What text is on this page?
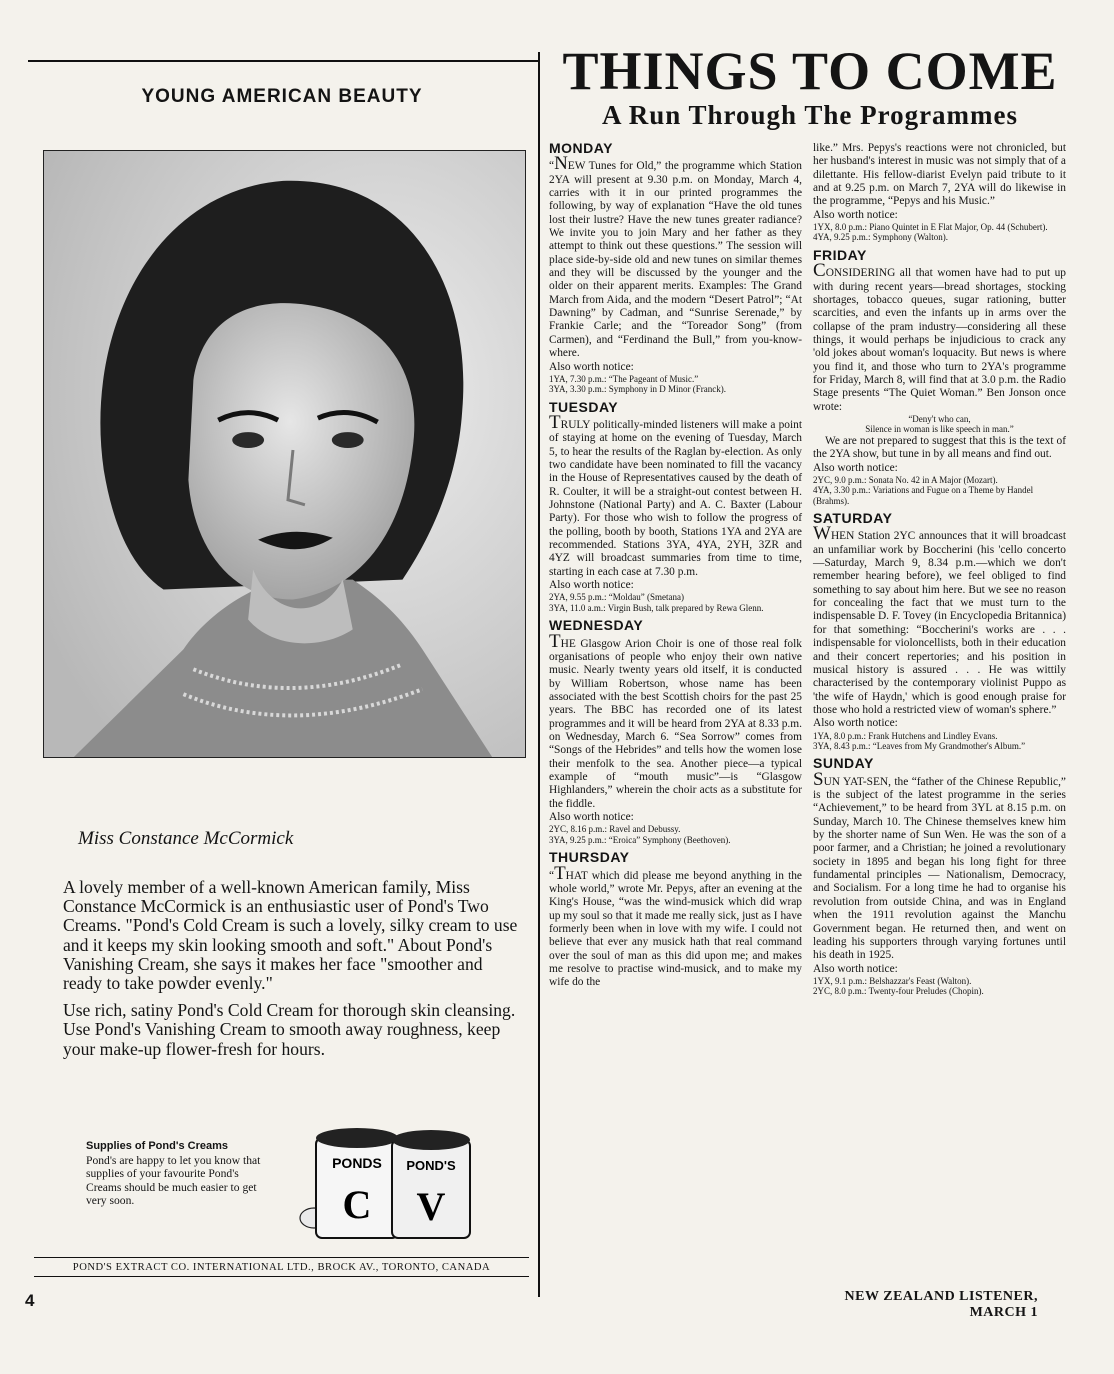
YOUNG AMERICAN BEAUTY
Miss Constance McCormick

A lovely member of a well-known American family, Miss Constance McCormick is an enthusiastic user of Pond's Two Creams. "Pond's Cold Cream is such a lovely, silky cream to use and it keeps my skin looking smooth and soft." About Pond's Vanishing Cream, she says it makes her face "smoother and ready to take powder evenly."

Use rich, satiny Pond's Cold Cream for thorough skin cleansing. Use Pond's Vanishing Cream to smooth away roughness, keep your make-up flower-fresh for hours.

Supplies of Pond's Creams
Pond's are happy to let you know that supplies of your favourite Pond's Creams should be much easier to get very soon.
PONDS
C
POND'S
V
POND'S EXTRACT CO. INTERNATIONAL LTD., BROCK AV., TORONTO, CANADA
4
THINGS TO COME
A Run Through The Programmes
MONDAY

“NEW Tunes for Old,” the programme which Station 2YA will present at 9.30 p.m. on Monday, March 4, carries with it in our printed programmes the following, by way of explanation “Have the old tunes lost their lustre? Have the new tunes greater radiance? We invite you to join Mary and her father as they attempt to think out these questions.” The session will place side-by-side old and new tunes on similar themes and they will be discussed by the younger and the older on their apparent merits. Examples: The Grand March from Aida, and the modern “Desert Patrol”; “At Dawning” by Cadman, and “Sunrise Serenade,” by Frankie Carle; and the “Toreador Song” (from Carmen), and “Ferdinand the Bull,” from you-know-where.

Also worth notice:

1YA, 7.30 p.m.: “The Pageant of Music.”

3YA, 3.30 p.m.: Symphony in D Minor (Franck).

TUESDAY

TRULY politically-minded listeners will make a point of staying at home on the evening of Tuesday, March 5, to hear the results of the Raglan by-election. As only two candidate have been nominated to fill the vacancy in the House of Representatives caused by the death of R. Coulter, it will be a straight-out contest between H. Johnstone (National Party) and A. C. Baxter (Labour Party). For those who wish to follow the progress of the polling, booth by booth, Stations 1YA and 2YA are recommended. Stations 3YA, 4YA, 2YH, 3ZR and 4YZ will broadcast summaries from time to time, starting in each case at 7.30 p.m.

Also worth notice:

2YA, 9.55 p.m.: “Moldau” (Smetana)

3YA, 11.0 a.m.: Virgin Bush, talk prepared by Rewa Glenn.

WEDNESDAY

THE Glasgow Arion Choir is one of those real folk organisations of people who enjoy their own native music. Nearly twenty years old itself, it is conducted by William Robertson, whose name has been associated with the best Scottish choirs for the past 25 years. The BBC has recorded one of its latest programmes and it will be heard from 2YA at 8.33 p.m. on Wednesday, March 6. “Sea Sorrow” comes from “Songs of the Hebrides” and tells how the women lose their menfolk to the sea. Another piece—a typical example of “mouth music”—is “Glasgow Highlanders,” wherein the choir acts as a substitute for the fiddle.

Also worth notice:

2YC, 8.16 p.m.: Ravel and Debussy.

3YA, 9.25 p.m.: “Eroica” Symphony (Beethoven).

THURSDAY

“THAT which did please me beyond anything in the whole world,” wrote Mr. Pepys, after an evening at the King's House, “was the wind-musick which did wrap up my soul so that it made me really sick, just as I have formerly been when in love with my wife. I could not believe that ever any musick hath that real command over the soul of man as this did upon me; and makes me resolve to practise wind-musick, and to make my wife do the

like.” Mrs. Pepys's reactions were not chronicled, but her husband's interest in music was not simply that of a dilettante. His fellow-diarist Evelyn paid tribute to it and at 9.25 p.m. on March 7, 2YA will do likewise in the programme, “Pepys and his Music.”

Also worth notice:

1YX, 8.0 p.m.: Piano Quintet in E Flat Major, Op. 44 (Schubert).

4YA, 9.25 p.m.: Symphony (Walton).

FRIDAY

CONSIDERING all that women have had to put up with during recent years—bread shortages, stocking shortages, tobacco queues, sugar rationing, butter scarcities, and even the infants up in arms over the collapse of the pram industry—considering all these things, it would perhaps be injudicious to crack any 'old jokes about woman's loquacity. But news is where you find it, and those who turn to 2YA's programme for Friday, March 8, will find that at 3.0 p.m. the Radio Stage presents “The Quiet Woman.” Ben Jonson once wrote:

“Deny't who can,

Silence in woman is like speech in man.”

We are not prepared to suggest that this is the text of the 2YA show, but tune in by all means and find out.

Also worth notice:

2YC, 9.0 p.m.: Sonata No. 42 in A Major (Mozart).

4YA, 3.30 p.m.: Variations and Fugue on a Theme by Handel (Brahms).

SATURDAY

WHEN Station 2YC announces that it will broadcast an unfamiliar work by Boccherini (his 'cello concerto—Saturday, March 9, 8.34 p.m.—which we don't remember hearing before), we feel obliged to find something to say about him here. But we see no reason for concealing the fact that we must turn to the indispensable D. F. Tovey (in Encyclopedia Britannica) for that something: “Boccherini's works are . . . indispensable for violoncellists, both in their education and their concert repertories; and his position in musical history is assured . . . He was wittily characterised by the contemporary violinist Puppo as 'the wife of Haydn,' which is good enough praise for those who hold a restricted view of woman's sphere.”

Also worth notice:

1YA, 8.0 p.m.: Frank Hutchens and Lindley Evans.

3YA, 8.43 p.m.: “Leaves from My Grandmother's Album.”

SUNDAY

SUN YAT-SEN, the “father of the Chinese Republic,” is the subject of the latest programme in the series “Achievement,” to be heard from 3YL at 8.15 p.m. on Sunday, March 10. The Chinese themselves knew him by the shorter name of Sun Wen. He was the son of a poor farmer, and a Christian; he joined a revolutionary society in 1895 and began his long fight for three fundamental principles — Nationalism, Democracy, and Socialism. For a long time he had to organise his revolution from outside China, and was in England when the 1911 revolution against the Manchu Government began. He returned then, and went on leading his supporters through varying fortunes until his death in 1925.

Also worth notice:

1YX, 9.1 p.m.: Belshazzar's Feast (Walton).

2YC, 8.0 p.m.: Twenty-four Preludes (Chopin).

NEW ZEALAND LISTENER, MARCH 1
